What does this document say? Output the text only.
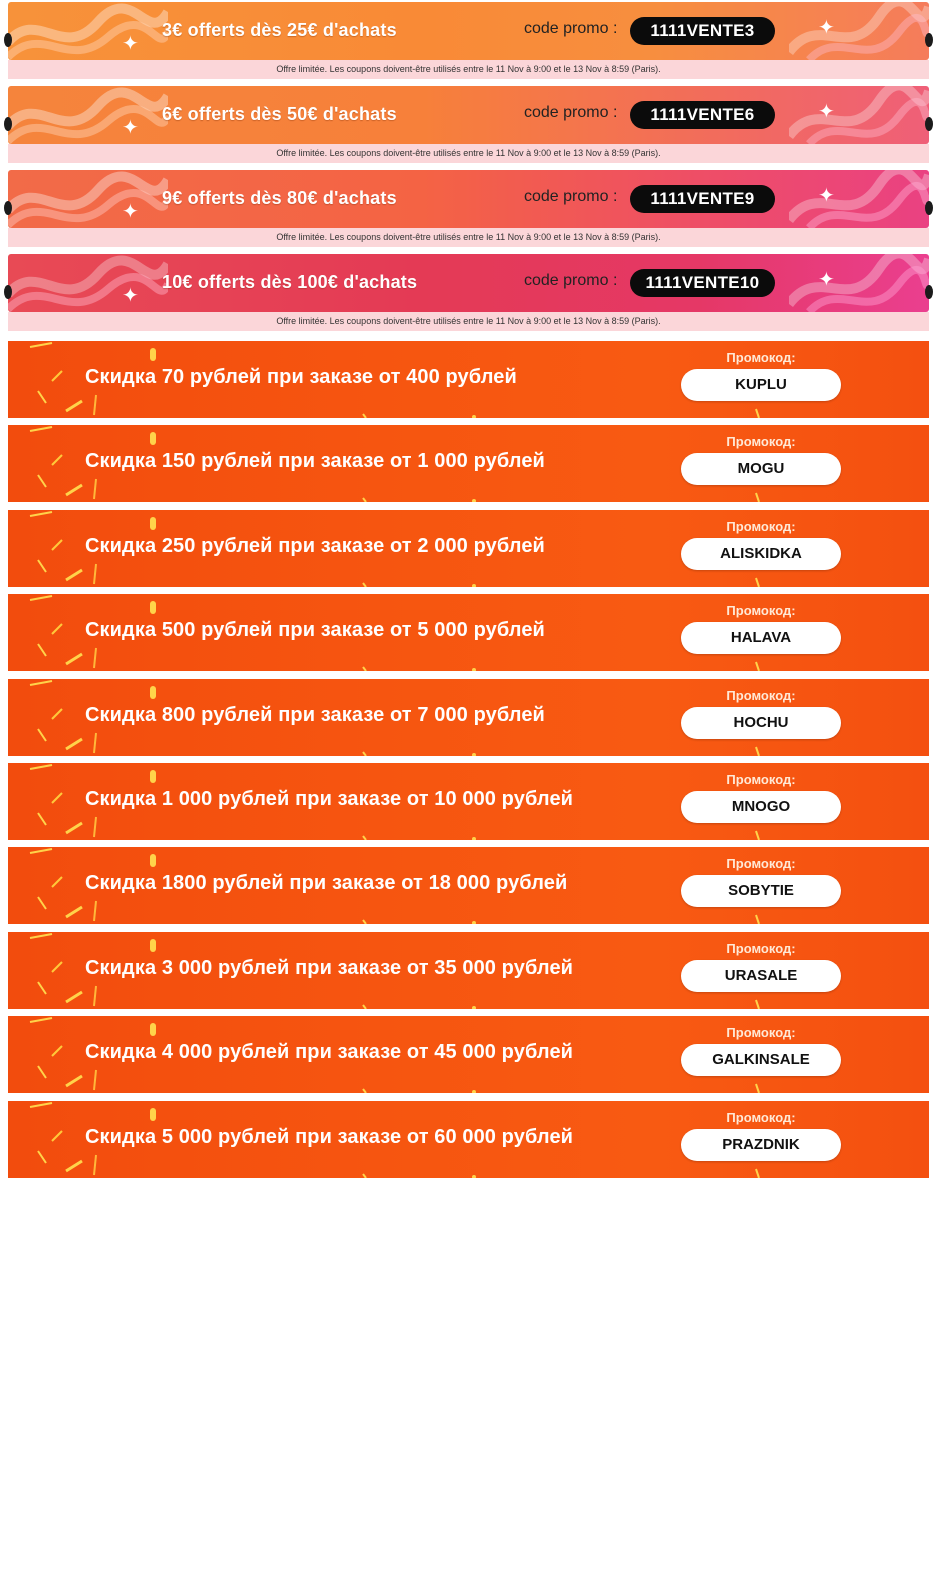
✦
✦
3€ offerts dès 25€ d'achats	code promo :	1111VENTE3
Offre limitée. Les coupons doivent-être utilisés entre le 11 Nov à 9:00 et le 13 Nov à 8:59 (Paris).
✦
✦
6€ offerts dès 50€ d'achats	code promo :	1111VENTE6
Offre limitée. Les coupons doivent-être utilisés entre le 11 Nov à 9:00 et le 13 Nov à 8:59 (Paris).
✦
✦
9€ offerts dès 80€ d'achats	code promo :	1111VENTE9
Offre limitée. Les coupons doivent-être utilisés entre le 11 Nov à 9:00 et le 13 Nov à 8:59 (Paris).
✦
✦
10€ offerts dès 100€ d'achats	code promo :	1111VENTE10
Offre limitée. Les coupons doivent-être utilisés entre le 11 Nov à 9:00 et le 13 Nov à 8:59 (Paris).
Скидка 70 рублей при заказе от 400 рублей
Промокод:
KUPLU
Скидка 150 рублей при заказе от 1 000 рублей
Промокод:
MOGU
Скидка 250 рублей при заказе от 2 000 рублей
Промокод:
ALISKIDKA
Скидка 500 рублей при заказе от 5 000 рублей
Промокод:
HALAVA
Скидка 800 рублей при заказе от 7 000 рублей
Промокод:
HOCHU
Скидка 1 000 рублей при заказе от 10 000 рублей
Промокод:
MNOGO
Скидка 1800 рублей при заказе от 18 000 рублей
Промокод:
SOBYTIE
Скидка 3 000 рублей при заказе от 35 000 рублей
Промокод:
URASALE
Скидка 4 000 рублей при заказе от 45 000 рублей
Промокод:
GALKINSALE
Скидка 5 000 рублей при заказе от 60 000 рублей
Промокод:
PRAZDNIK
